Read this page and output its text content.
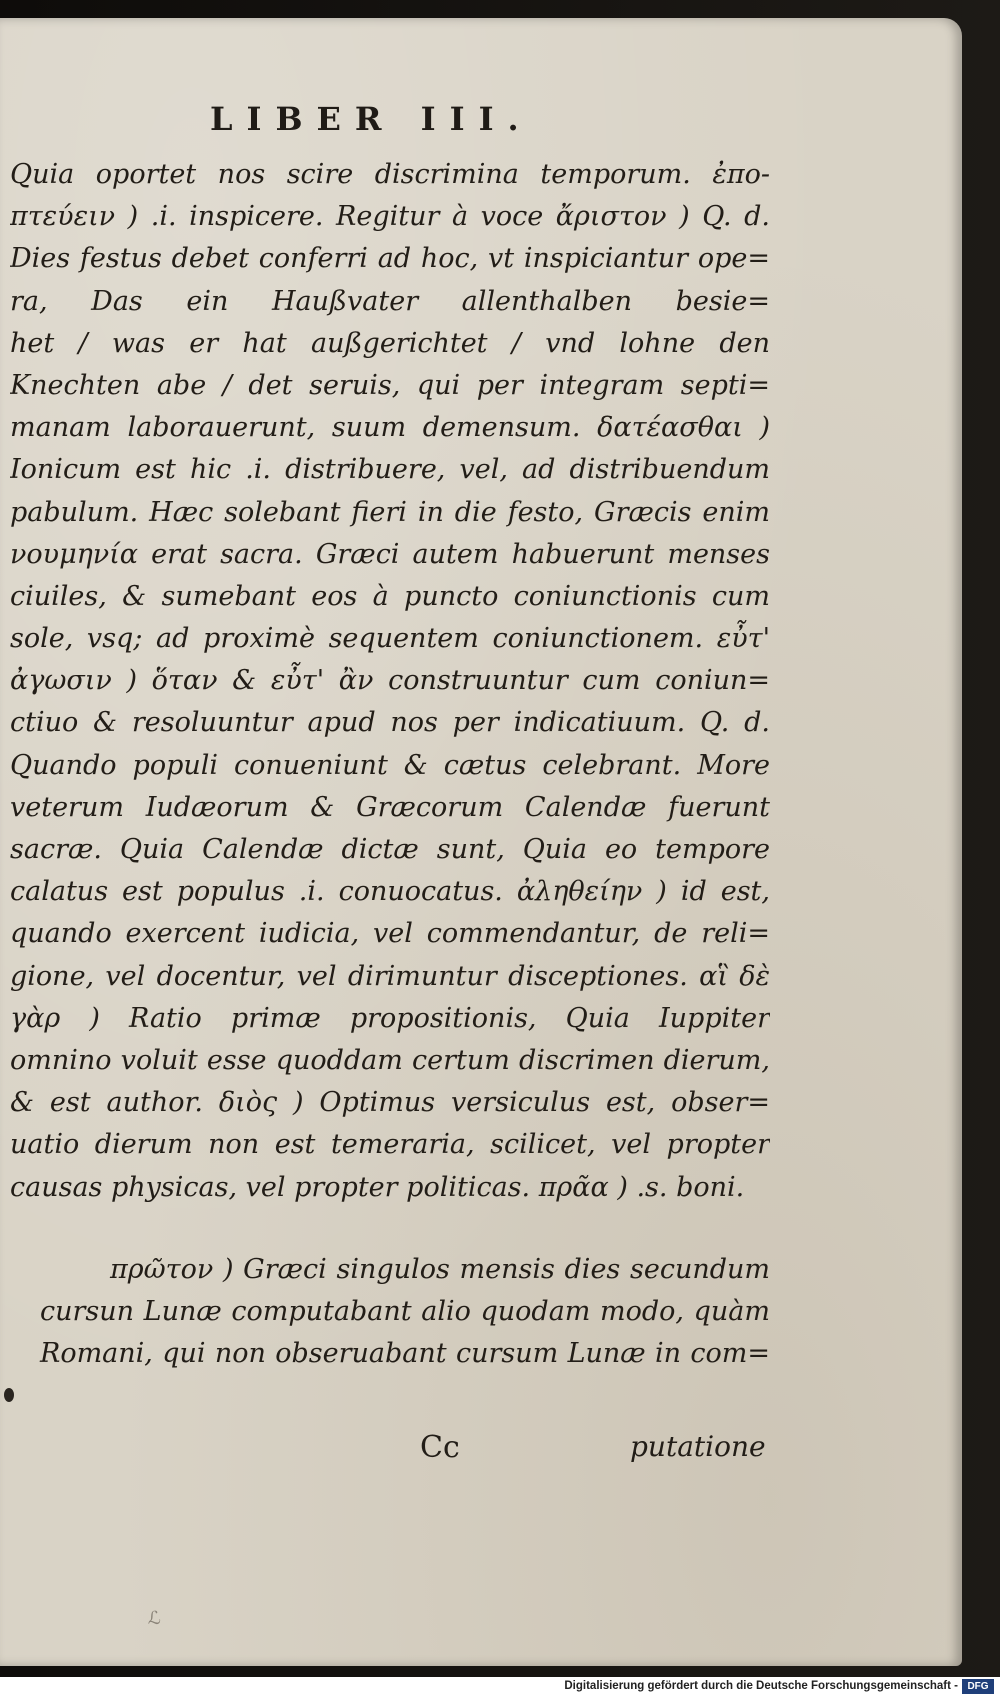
LIBER III.
Quia oportet nos scire discrimina temporum. ἐπο-
πτεύειν ) .i. inspicere. Regitur à voce ἄριστον ) Q. d.
Dies festus debet conferri ad hoc, vt inspiciantur ope=
ra, Das ein Haußvater allenthalben besie=
het / was er hat außgerichtet / vnd lohne den
Knechten abe / det seruis, qui per integram septi=
manam laborauerunt, suum demensum. δατέασθαι )
Ionicum est hic .i. distribuere, vel, ad distribuendum
pabulum. Hæc solebant fieri in die festo, Græcis enim
νουμηνία erat sacra. Græci autem habuerunt menses
ciuiles, & sumebant eos à puncto coniunctionis cum
sole, vsq; ad proximè sequentem coniunctionem. εὖτ'
ἀγωσιν ) ὅταν & εὖτ' ἂν construuntur cum coniun=
ctiuo & resoluuntur apud nos per indicatiuum. Q. d.
Quando populi conueniunt & cætus celebrant. More
veterum Iudæorum & Græcorum Calendæ fuerunt
sacræ. Quia Calendæ dictæ sunt, Quia eo tempore
calatus est populus .i. conuocatus. ἀληθείην ) id est,
quando exercent iudicia, vel commendantur, de reli=
gione, vel docentur, vel dirimuntur disceptiones. αἳ δὲ
γὰρ ) Ratio primæ propositionis, Quia Iuppiter
omnino voluit esse quoddam certum discrimen dierum,
& est author. διὸς ) Optimus versiculus est, obser=
uatio dierum non est temeraria, scilicet, vel propter
causas physicas, vel propter politicas. πρᾶα ) .s. boni.
πρῶτον ) Græci singulos mensis dies secundum
cursun Lunæ computabant alio quodam modo, quàm
Romani, qui non obseruabant cursum Lunæ in com=
Cc	putatione
ℒ
Digitalisierung gefördert durch die Deutsche Forschungsgemeinschaft - DFG
